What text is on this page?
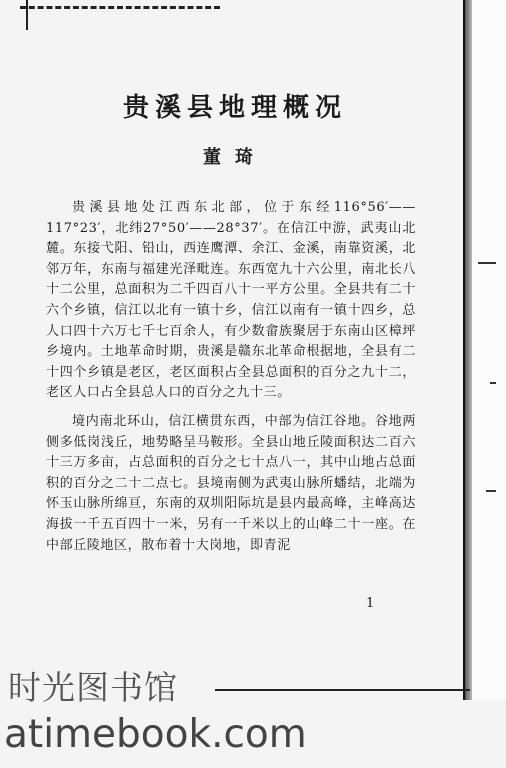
贵溪县地理概况
董琦

贵溪县地处江西东北部，位于东经116°56′——117°23′，北纬27°50′——28°37′。在信江中游，武夷山北麓。东接弋阳、铅山，西连鹰潭、余江、金溪，南靠资溪，北邻万年，东南与福建光泽毗连。东西宽九十六公里，南北长八十二公里，总面积为二千四百八十一平方公里。全县共有二十六个乡镇，信江以北有一镇十乡，信江以南有一镇十四乡，总人口四十六万七千七百余人，有少数畲族聚居于东南山区樟坪乡境内。土地革命时期，贵溪是赣东北革命根据地，全县有二十四个乡镇是老区，老区面积占全县总面积的百分之九十二，老区人口占全县总人口的百分之九十三。

境内南北环山，信江横贯东西，中部为信江谷地。谷地两侧多低岗浅丘，地势略呈马鞍形。全县山地丘陵面积达二百六十三万多亩，占总面积的百分之七十点八一，其中山地占总面积的百分之二十二点七。县境南侧为武夷山脉所蟠结，北端为怀玉山脉所绵亘，东南的双圳阳际坑是县内最高峰，主峰高达海拔一千五百四十一米，另有一千米以上的山峰二十一座。在中部丘陵地区，散布着十大岗地，即青泥

1
时光图书馆
atimebook.com
